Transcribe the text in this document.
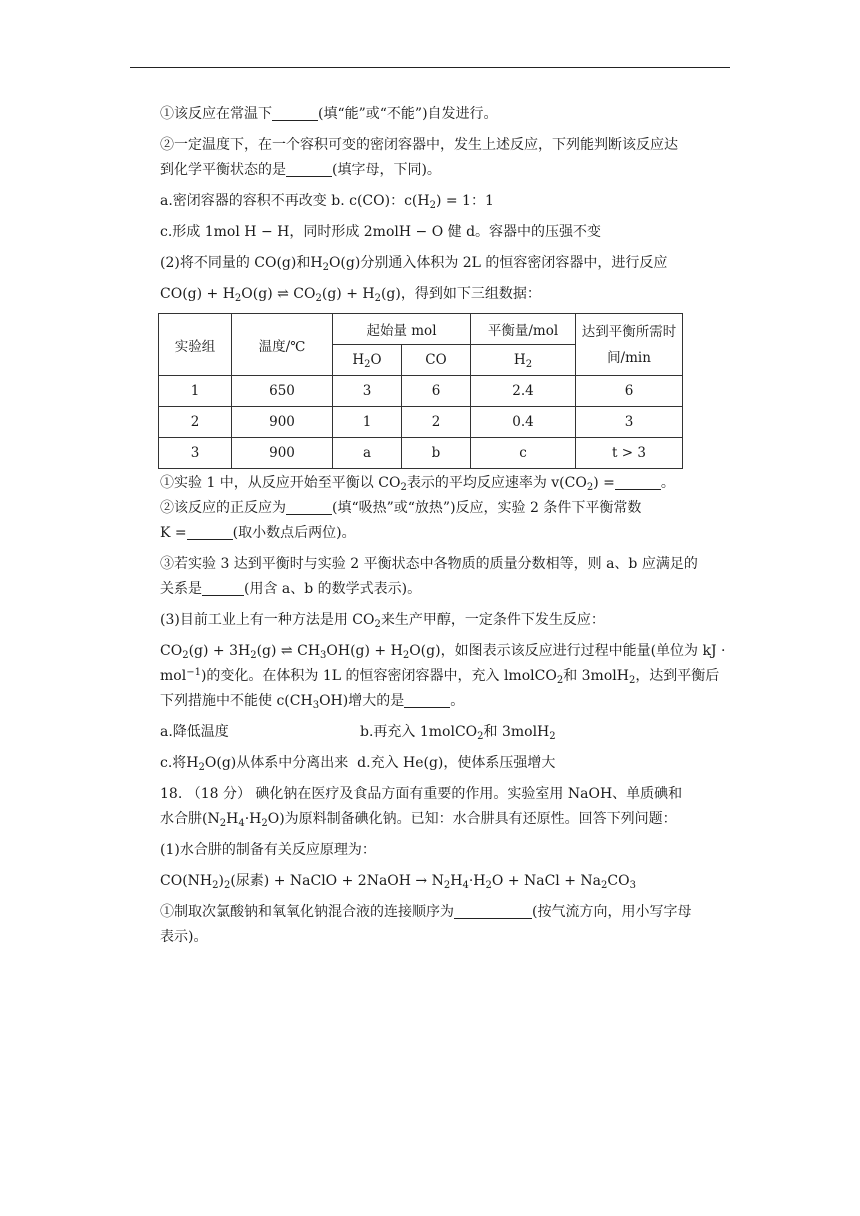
①该反应在常温下	(填“能”或“不能”)自发进行。
②一定温度下，在一个容积可变的密闭容器中，发生上述反应，下列能判断该反应达
到化学平衡状态的是	(填字母，下同)。
a.密闭容器的容积不再改变 b. c(CO)：$c(H_2) = 1$：1
c.形成 1mol H − H，同时形成 2molH − O 健 d。容器中的压强不变
(2)将不同量的 CO(g)和$H_2O(g)$分别通入体积为 2L 的恒容密闭容器中，进行反应
$CO(g) + H_2O(g)$ ⇌ $CO_2(g) + H_2(g)$，得到如下三组数据：
实验组	温度/℃	起始量 mol		平衡量/mol	达到平衡所需时间/min
		$H_2O$	CO	$H_2$
1	650	3	6	2.4	6
2	900	1	2	0.4	3
3	900	a	b	c	t > 3
①实验 1 中，从反应开始至平衡以 $CO_2$表示的平均反应速率为 $v(CO_2)$ =	。
②该反应的正反应为	(填“吸热”或“放热”)反应，实验 2 条件下平衡常数
K =	(取小数点后两位)。
③若实验 3 达到平衡时与实验 2 平衡状态中各物质的质量分数相等，则 a、b 应满足的
关系是	(用含 a、b 的数学式表示)。
(3)目前工业上有一种方法是用 $CO_2$来生产甲醇，一定条件下发生反应：
$CO_2(g) + 3H_2(g)$ ⇌ $CH_3OH(g) + H_2O(g)$，如图表示该反应进行过程中能量(单位为 kJ ·
mol$^{-1}$)的变化。在体积为 1L 的恒容密闭容器中，充入 lmolCO$_2$和 3molH$_2$，达到平衡后
下列措施中不能使 $c(CH_3OH)$增大的是	。
a.降低温度	b.再充入 1molCO$_2$和 3molH$_2$
c.将$H_2O(g)$从体系中分离出来 d.充入 He(g)，使体系压强增大
18. （18 分） 碘化钠在医疗及食品方面有重要的作用。实验室用 NaOH、单质碘和
水合肼$(N_2H_4\cdot H_2O)$为原料制备碘化钠。已知：水合肼具有还原性。回答下列问题：
(1)水合肼的制备有关反应原理为：
$CO(NH_2)_2$(尿素) + NaClO + 2NaOH → $N_2H_4\cdot H_2O$ + NaCl + $Na_2CO_3$
①制取次氯酸钠和氧氧化钠混合液的连接顺序为	(按气流方向，用小写字母
表示)。
